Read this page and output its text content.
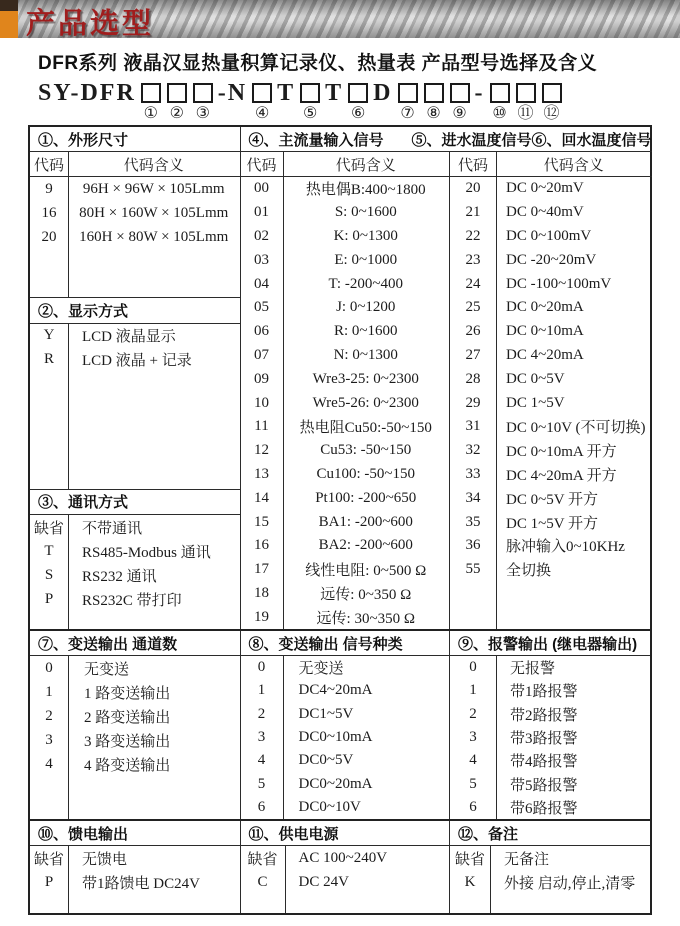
产品选型
DFR系列 液晶汉显热量积算记录仪、热量表 产品型号选择及含义
SY-DFR
① ② ③
-N
④
T
⑤
T
⑥
D
⑦ ⑧ ⑨
-
⑩ ⑪ ⑫
①、外形尺寸
代码	代码含义
9	96H × 96W × 105Lmm
16	80H × 160W × 105Lmm
20	160H × 80W × 105Lmm
②、显示方式
Y	LCD 液晶显示
R	LCD 液晶 + 记录
③、通讯方式
缺省	不带通讯
T	RS485-Modbus 通讯
S	RS232 通讯
P	RS232C 带打印
④、主流量输入信号	⑤、进水温度信号 ⑥、回水温度信号
代码	代码含义
00	热电偶B:400~1800
01	S: 0~1600
02	K: 0~1300
03	E: 0~1000
04	T: -200~400
05	J: 0~1200
06	R: 0~1600
07	N: 0~1300
09	Wre3-25: 0~2300
10	Wre5-26: 0~2300
11	热电阻Cu50:-50~150
12	Cu53: -50~150
13	Cu100: -50~150
14	Pt100: -200~650
15	BA1: -200~600
16	BA2: -200~600
17	线性电阻: 0~500 Ω
18	远传: 0~350 Ω
19	远传: 30~350 Ω
代码	代码含义
20	DC 0~20mV
21	DC 0~40mV
22	DC 0~100mV
23	DC -20~20mV
24	DC -100~100mV
25	DC 0~20mA
26	DC 0~10mA
27	DC 4~20mA
28	DC 0~5V
29	DC 1~5V
31	DC 0~10V (不可切换)
32	DC 0~10mA 开方
33	DC 4~20mA 开方
34	DC 0~5V 开方
35	DC 1~5V 开方
36	脉冲输入0~10KHz
55	全切换
⑦、变送输出 通道数
0	无变送
1	1 路变送输出
2	2 路变送输出
3	3 路变送输出
4	4 路变送输出
⑧、变送输出 信号种类
0	无变送
1	DC4~20mA
2	DC1~5V
3	DC0~10mA
4	DC0~5V
5	DC0~20mA
6	DC0~10V
⑨、报警输出 (继电器输出)
0	无报警
1	带1路报警
2	带2路报警
3	带3路报警
4	带4路报警
5	带5路报警
6	带6路报警
⑩、馈电输出
缺省	无馈电
P	带1路馈电 DC24V
⑪、供电电源
缺省	AC 100~240V
C	DC 24V
⑫、备注
缺省	无备注
K	外接 启动,停止,清零
